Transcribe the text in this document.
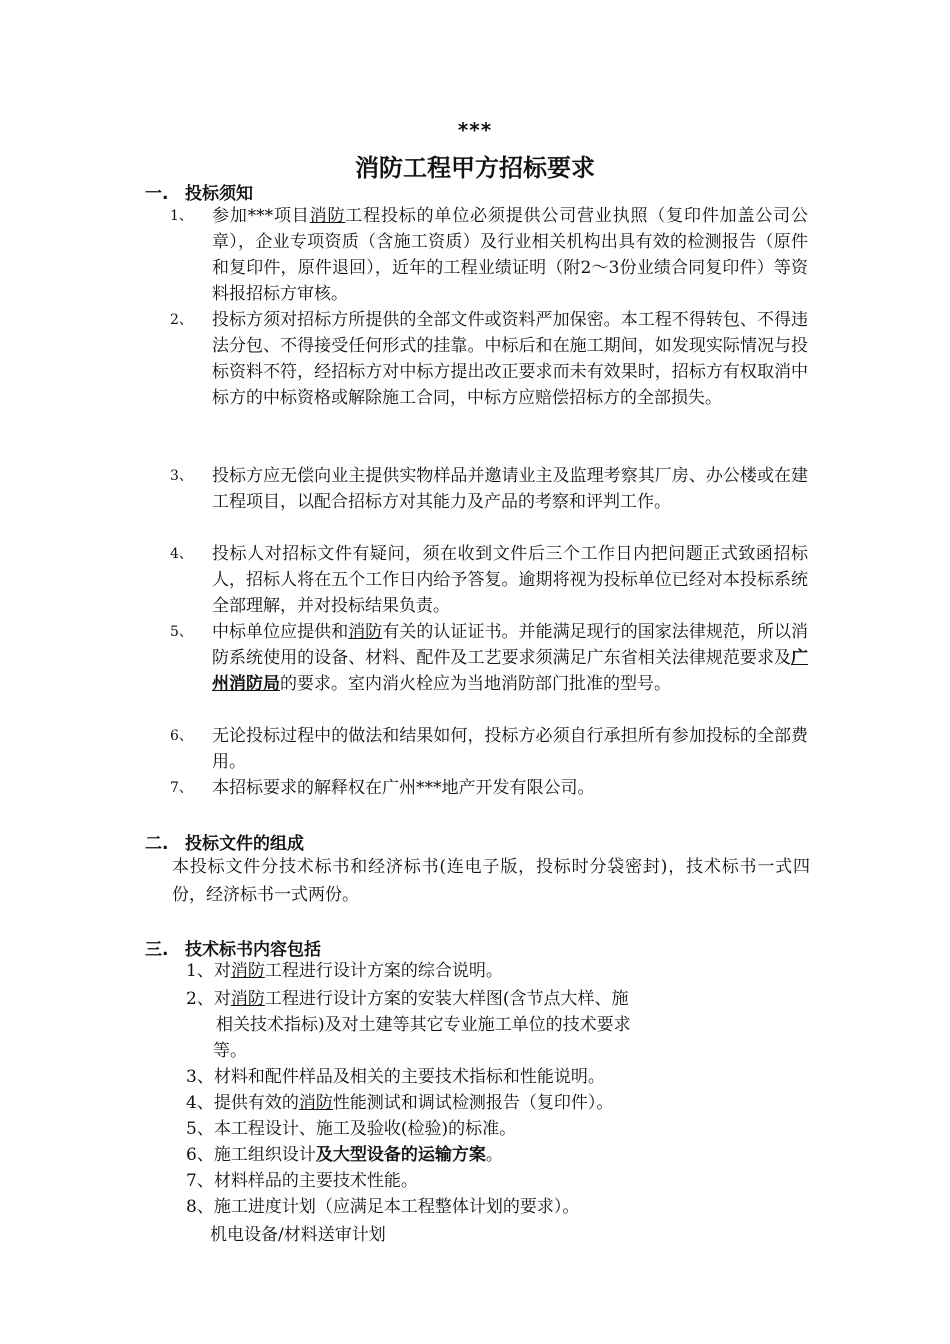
***
消防工程甲方招标要求
一. 投标须知
1、	参加***项目消防工程投标的单位必须提供公司营业执照（复印件加盖公司公章），企业专项资质（含施工资质）及行业相关机构出具有效的检测报告（原件和复印件，原件退回），近年的工程业绩证明（附2～3份业绩合同复印件）等资料报招标方审核。
2、	投标方须对招标方所提供的全部文件或资料严加保密。本工程不得转包、不得违法分包、不得接受任何形式的挂靠。中标后和在施工期间，如发现实际情况与投标资料不符，经招标方对中标方提出改正要求而未有效果时，招标方有权取消中标方的中标资格或解除施工合同，中标方应赔偿招标方的全部损失。
3、	投标方应无偿向业主提供实物样品并邀请业主及监理考察其厂房、办公楼或在建工程项目，以配合招标方对其能力及产品的考察和评判工作。
4、	投标人对招标文件有疑问，须在收到文件后三个工作日内把问题正式致函招标人，招标人将在五个工作日内给予答复。逾期将视为投标单位已经对本投标系统全部理解，并对投标结果负责。
5、	中标单位应提供和消防有关的认证证书。并能满足现行的国家法律规范，所以消防系统使用的设备、材料、配件及工艺要求须满足广东省相关法律规范要求及广州消防局的要求。室内消火栓应为当地消防部门批准的型号。
6、	无论投标过程中的做法和结果如何，投标方必须自行承担所有参加投标的全部费用。
7、	本招标要求的解释权在广州***地产开发有限公司。
二. 投标文件的组成
本投标文件分技术标书和经济标书(连电子版，投标时分袋密封)，技术标书一式四份，经济标书一式两份。
三. 技术标书内容包括
1、对消防工程进行设计方案的综合说明。
2、对消防工程进行设计方案的安装大样图(含节点大样、施
相关技术指标)及对土建等其它专业施工单位的技术要求
等。
3、材料和配件样品及相关的主要技术指标和性能说明。
4、提供有效的消防性能测试和调试检测报告（复印件）。
5、本工程设计、施工及验收(检验)的标准。
6、施工组织设计及大型设备的运输方案。
7、材料样品的主要技术性能。
8、施工进度计划（应满足本工程整体计划的要求）。
机电设备/材料送审计划
